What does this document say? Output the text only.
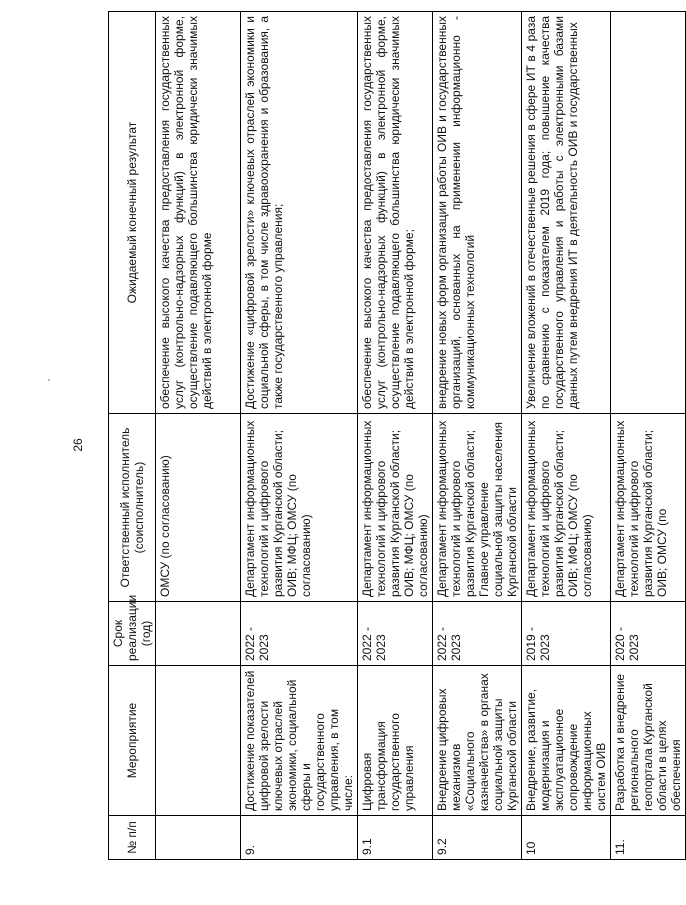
26
№ п/п	Мероприятие	Срок реализации (год)	Ответственный исполнитель (соисполнитель)	Ожидаемый конечный результат
			ОМСУ (по согласованию)	обеспечение высокого качества предоставления государственных услуг (контрольно-надзорных функций) в электронной форме, осуществление подавляющего большинства юридически значимых действий в электронной форме
9.	Достижение показателей цифровой зрелости ключевых отраслей экономики, социальной сферы и государственного управления, в том числе:	2022 - 2023	Департамент информационных технологий и цифрового развития Курганской области; ОИВ; МФЦ; ОМСУ (по согласованию)	Достижение «цифровой зрелости» ключевых отраслей экономики и социальной сферы, в том числе здравоохранения и образования, а также государственного управления;
9.1	Цифровая трансформация государственного управления	2022 - 2023	Департамент информационных технологий и цифрового развития Курганской области; ОИВ; МФЦ; ОМСУ (по согласованию)	обеспечение высокого качества предоставления государственных услуг (контрольно-надзорных функций) в электронной форме, осуществление подавляющего большинства юридически значимых действий в электронной форме;
9.2	Внедрение цифровых механизмов «Социального казначейства» в органах социальной защиты Курганской области	2022 - 2023	Департамент информационных технологий и цифрового развития Курганской области; Главное управление социальной защиты населения Курганской области	внедрение новых форм организации работы ОИВ и государственных организаций, основанных на применении информационно - коммуникационных технологий
10	Внедрение, развитие, модернизация и эксплуатационное сопровождение информационных систем ОИВ	2019 - 2023	Департамент информационных технологий и цифрового развития Курганской области; ОИВ; МФЦ; ОМСУ (по согласованию)	Увеличение вложений в отечественные решения в сфере ИТ в 4 раза по сравнению с показателем 2019 года; повышение качества государственного управления и работы с электронными базами данных путем внедрения ИТ в деятельность ОИВ и государственных
11.	Разработка и внедрение регионального геопортала Курганской области в целях обеспечения	2020 - 2023	Департамент информационных технологий и цифрового развития Курганской области; ОИВ; ОМСУ (по	
